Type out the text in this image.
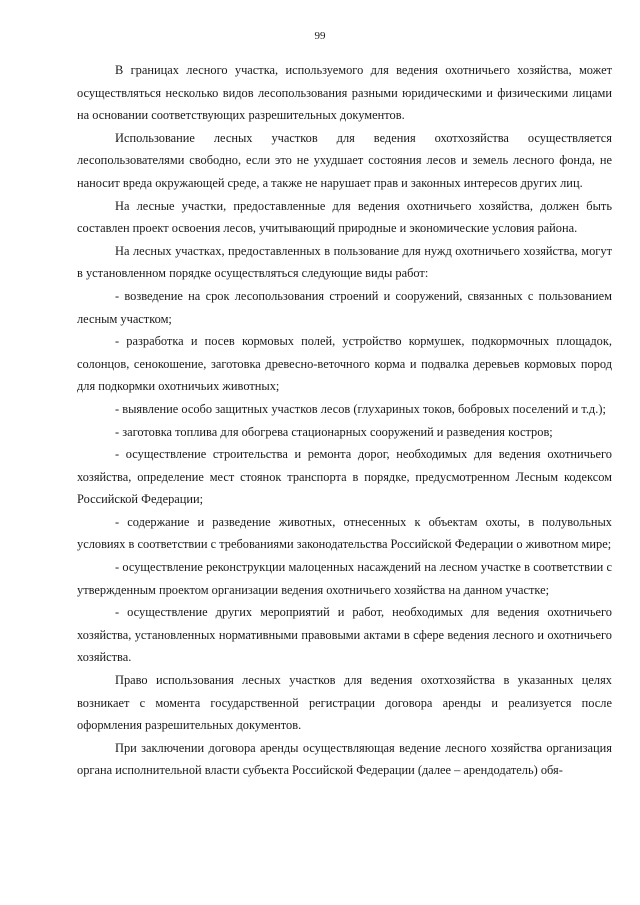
99

В границах лесного участка, используемого для ведения охотничьего хозяйства, может осуществляться несколько видов лесопользования разными юридическими и физическими лицами на основании соответствующих разрешительных документов.

Использование лесных участков для ведения охотхозяйства осуществляется лесопользователями свободно, если это не ухудшает состояния лесов и земель лесного фонда, не наносит вреда окружающей среде, а также не нарушает прав и законных интересов других лиц.

На лесные участки, предоставленные для ведения охотничьего хозяйства, должен быть составлен проект освоения лесов, учитывающий природные и экономические условия района.

На лесных участках, предоставленных в пользование для нужд охотничьего хозяйства, могут в установленном порядке осуществляться следующие виды работ:

- возведение на срок лесопользования строений и сооружений, связанных с пользованием лесным участком;

- разработка и посев кормовых полей, устройство кормушек, подкормочных площадок, солонцов, сенокошение, заготовка древесно-веточного корма и подвалка деревьев кормовых пород для подкормки охотничьих животных;

- выявление особо защитных участков лесов (глухариных токов, бобровых поселений и т.д.);

- заготовка топлива для обогрева стационарных сооружений и разведения костров;

- осуществление строительства и ремонта дорог, необходимых для ведения охотничьего хозяйства, определение мест стоянок транспорта в порядке, предусмотренном Лесным кодексом Российской Федерации;

- содержание и разведение животных, отнесенных к объектам охоты, в полувольных условиях в соответствии с требованиями законодательства Российской Федерации о животном мире;

- осуществление реконструкции малоценных насаждений на лесном участке в соответствии с утвержденным проектом организации ведения охотничьего хозяйства на данном участке;

- осуществление других мероприятий и работ, необходимых для ведения охотничьего хозяйства, установленных нормативными правовыми актами в сфере ведения лесного и охотничьего хозяйства.

Право использования лесных участков для ведения охотхозяйства в указанных целях возникает с момента государственной регистрации договора аренды и реализуется после оформления разрешительных документов.

При заключении договора аренды осуществляющая ведение лесного хозяйства организация органа исполнительной власти субъекта Российской Федерации (далее – арендодатель) обя-
